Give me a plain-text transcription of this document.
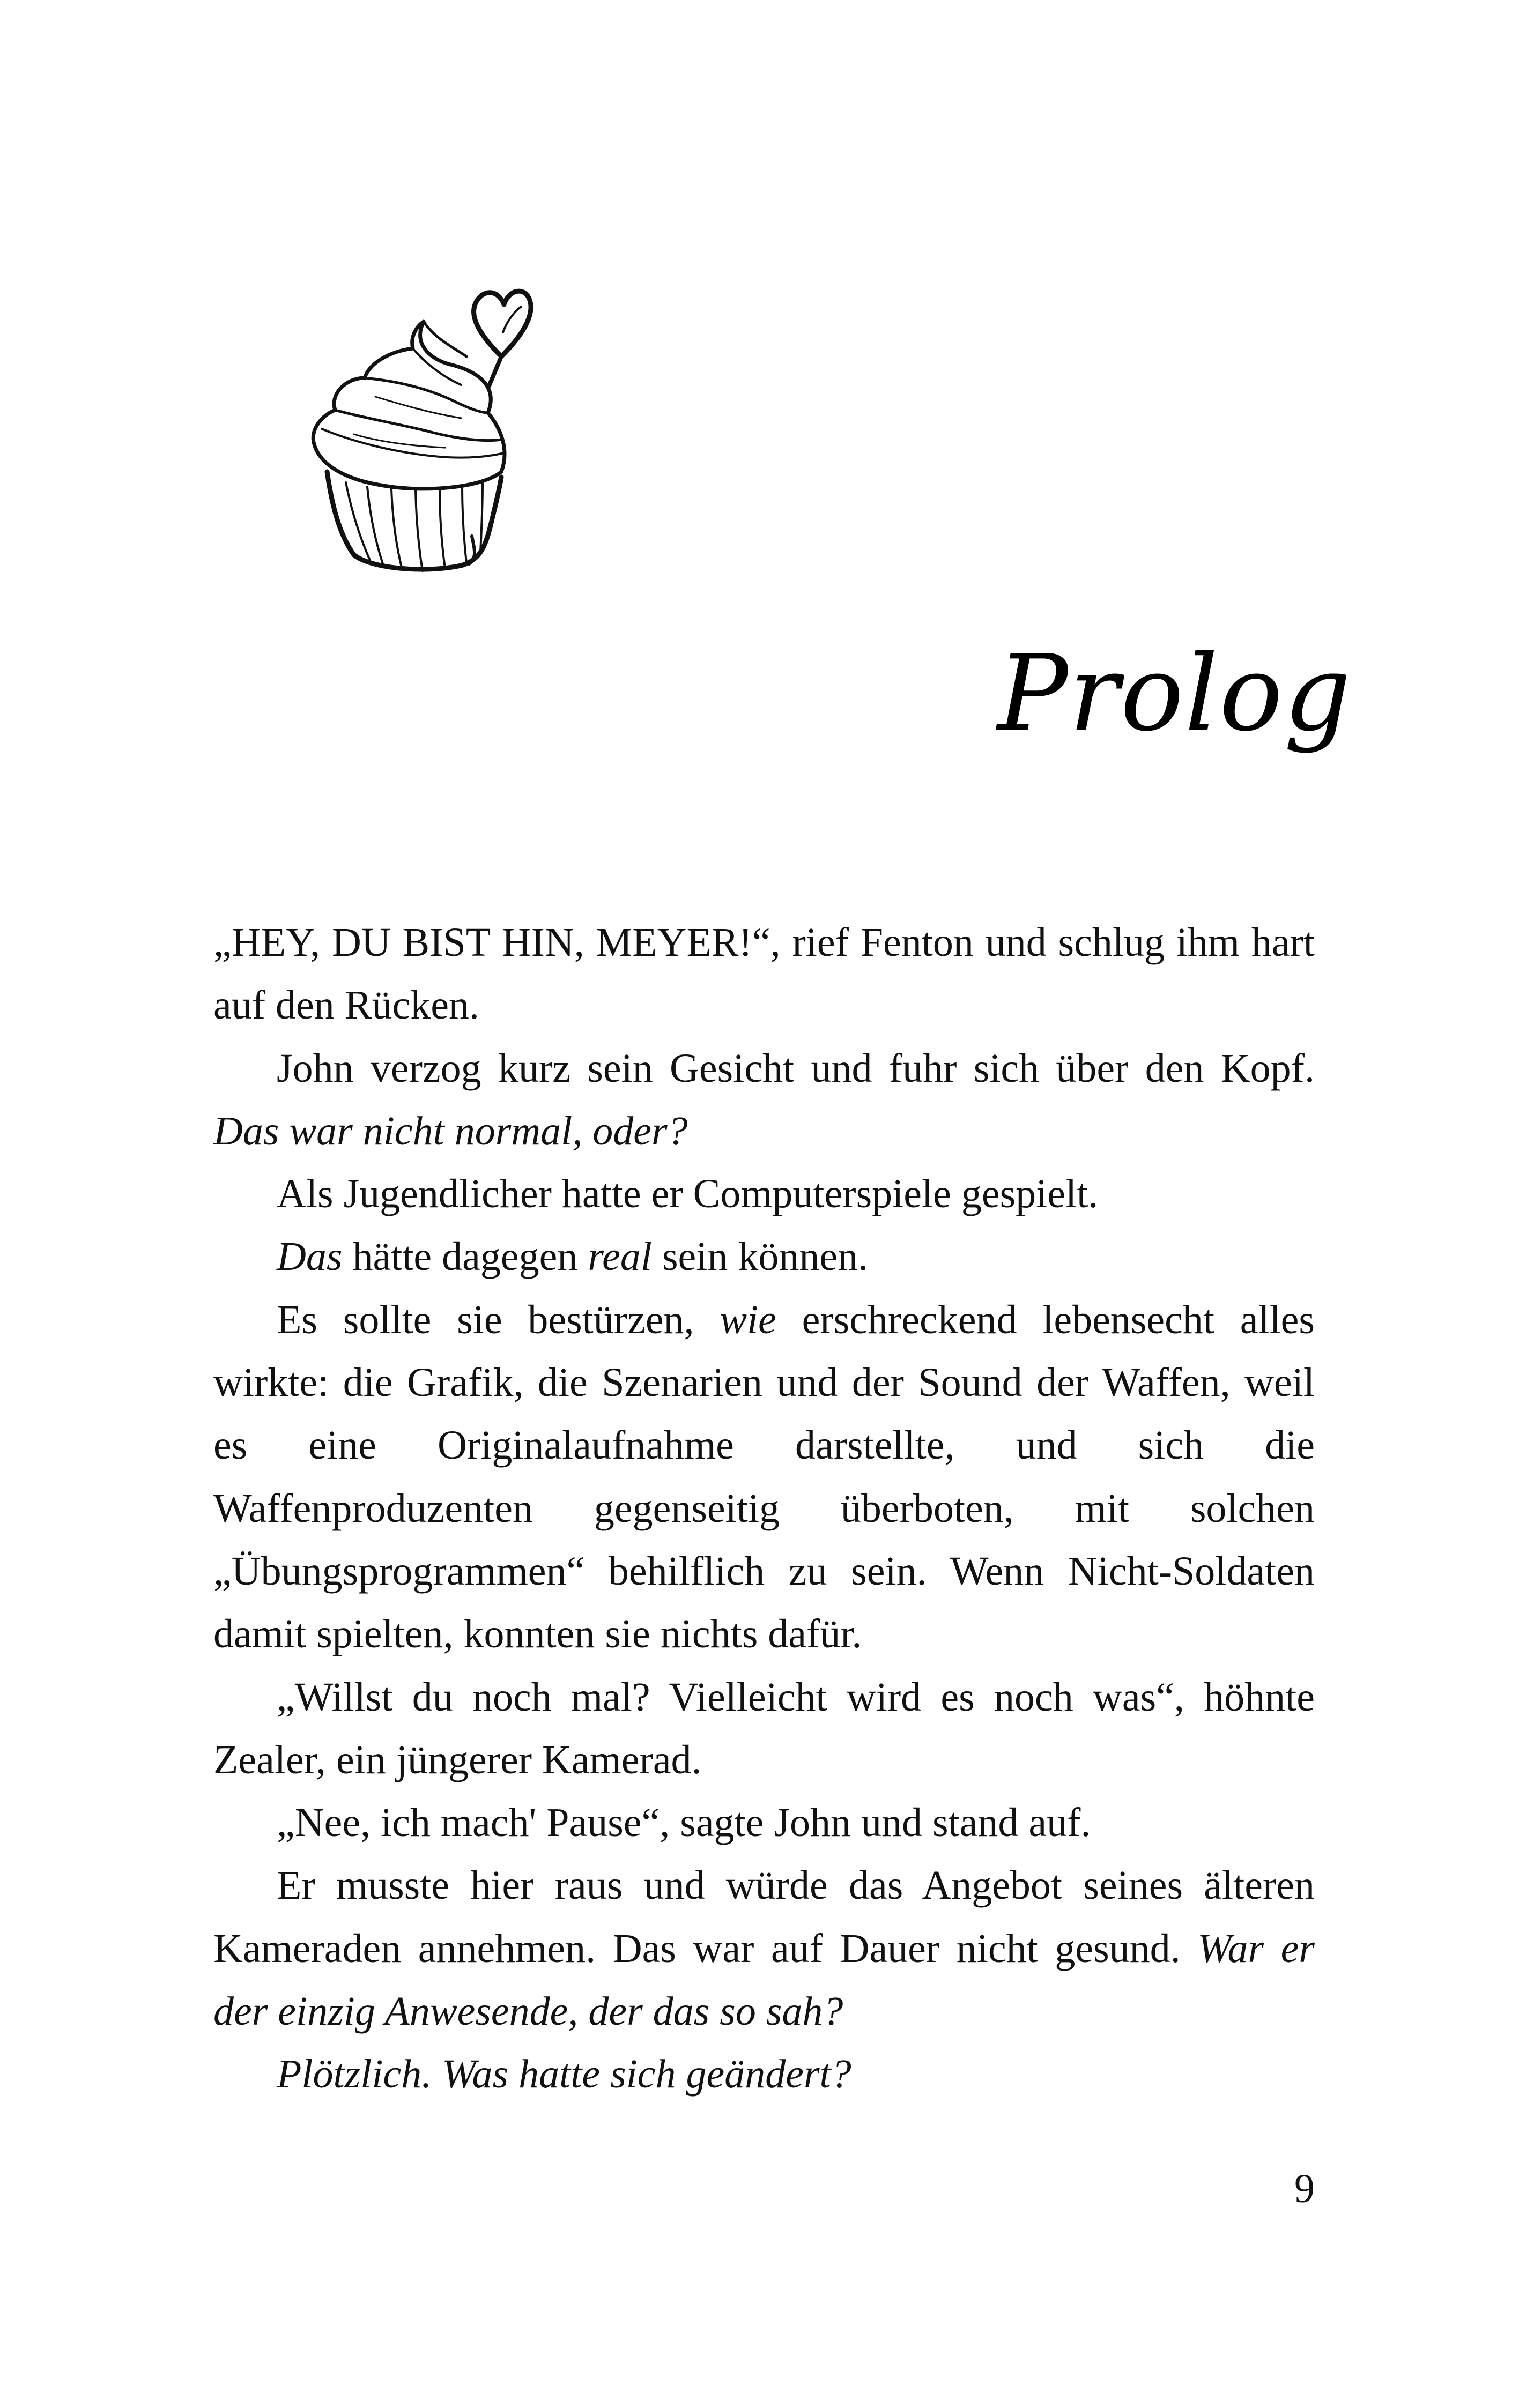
Prolog

„HEY, DU BIST HIN, MEYER!“, rief Fenton und schlug ihm hart auf den Rücken.

John verzog kurz sein Gesicht und fuhr sich über den Kopf. Das war nicht normal, oder?

Als Jugendlicher hatte er Computerspiele gespielt.

Das hätte dagegen real sein können.

Es sollte sie bestürzen, wie erschreckend lebensecht alles wirkte: die Grafik, die Szenarien und der Sound der Waffen, weil es eine Originalaufnahme darstellte, und sich die Waffenproduzenten gegenseitig überboten, mit solchen „Übungsprogrammen“ behilflich zu sein. Wenn Nicht-Soldaten damit spielten, konnten sie nichts dafür.

„Willst du noch mal? Vielleicht wird es noch was“, höhnte Zealer, ein jüngerer Kamerad.

„Nee, ich mach' Pause“, sagte John und stand auf.

Er musste hier raus und würde das Angebot seines älteren Kameraden annehmen. Das war auf Dauer nicht gesund. War er der einzig Anwesende, der das so sah?

Plötzlich. Was hatte sich geändert?

9
